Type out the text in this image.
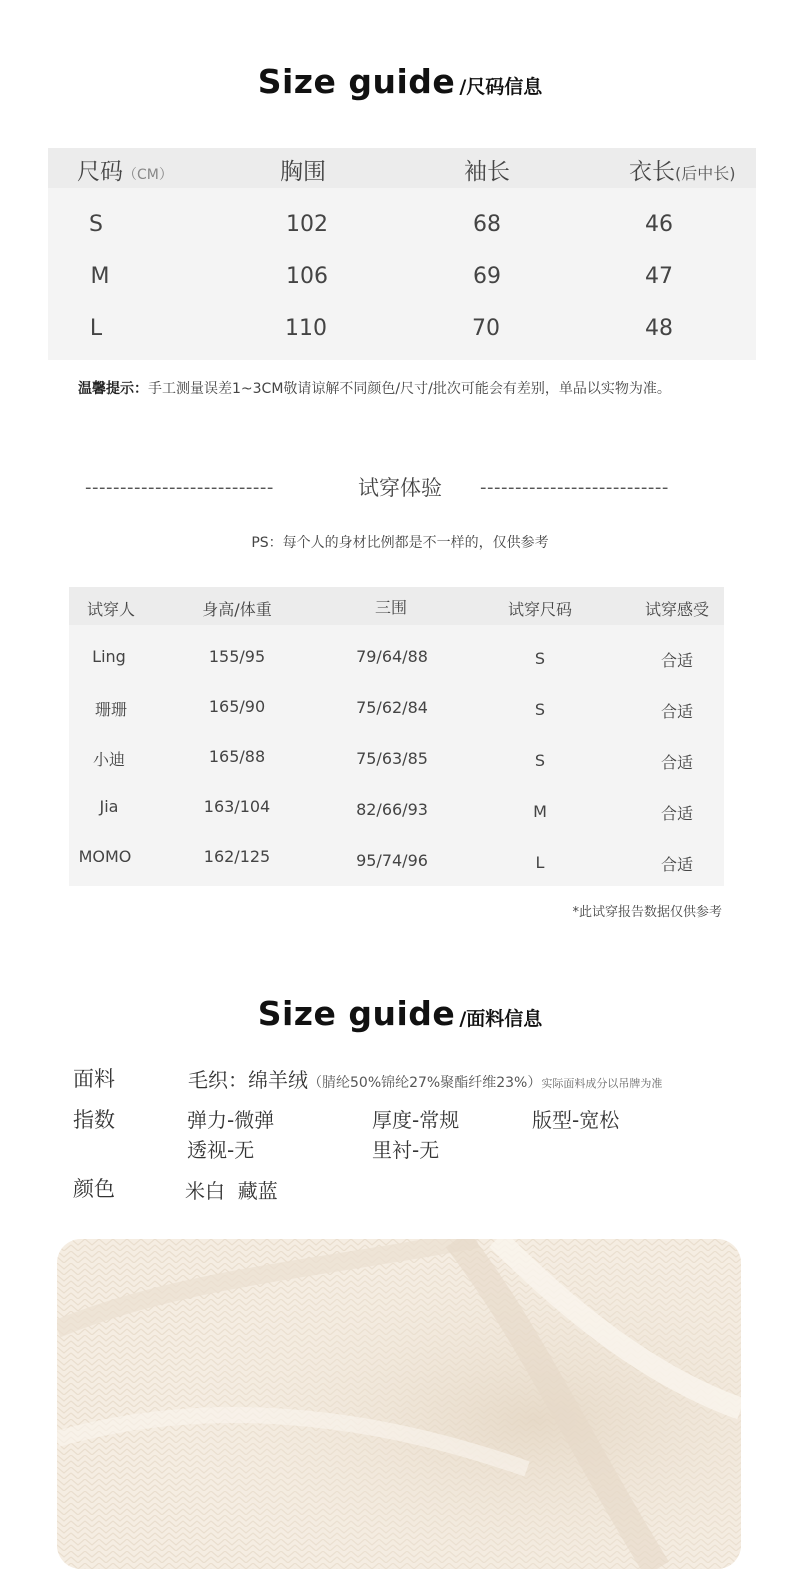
Size guide /尺码信息
尺码（CM）	胸围	袖长	衣长(后中长)
S	102	68	46
M	106	69	47
L	110	70	48
温馨提示：手工测量误差1~3CM敬请谅解不同颜色/尺寸/批次可能会有差别，单品以实物为准。
---------------------------	试穿体验	---------------------------
PS：每个人的身材比例都是不一样的，仅供参考
试穿人	身高/体重	三围	试穿尺码	试穿感受
Ling	155/95	79/64/88	S	合适
珊珊	165/90	75/62/84	S	合适
小迪	165/88	75/63/85	S	合适
Jia	163/104	82/66/93	M	合适
MOMO	162/125	95/74/96	L	合适
*此试穿报告数据仅供参考
Size guide /面料信息
面料	毛织：绵羊绒（腈纶50%锦纶27%聚酯纤维23%）实际面料成分以吊牌为准
指数	弹力-微弹	厚度-常规	版型-宽松
透视-无	里衬-无
颜色	米白  藏蓝
